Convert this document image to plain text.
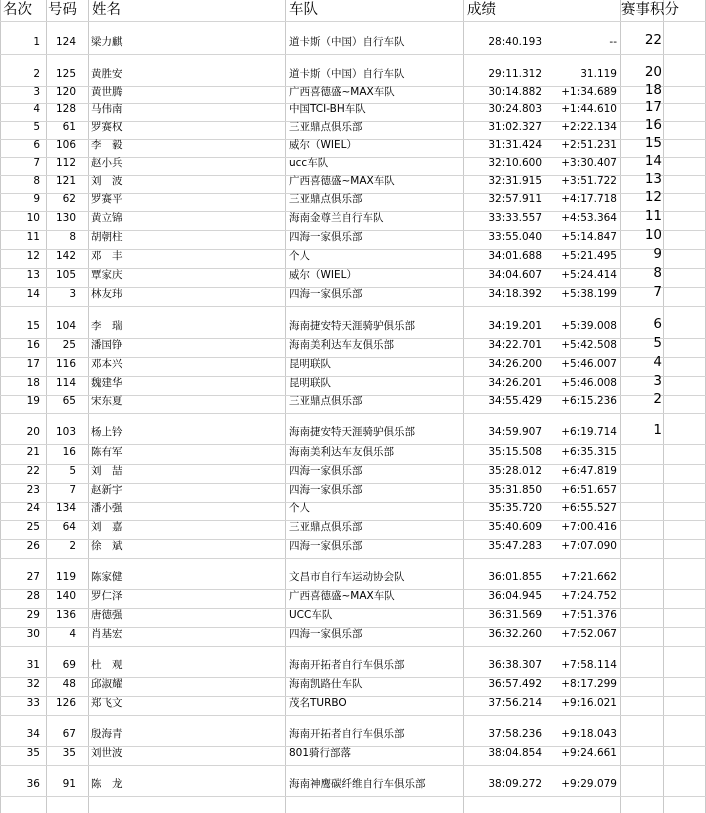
名次 号码 姓名	车队	成绩	赛事积分
1	124 梁力麒	道卡斯（中国）自行车队	28:40.193	--	22
2	125 黄胜安	道卡斯（中国）自行车队	29:11.312	31.119	20
3	120 黄世腾	广西喜德盛~MAX车队	30:14.882	+1:34.689	18
4	128 马伟南	中国TCI-BH车队	30:24.803	+1:44.610	17
5	61 罗赛权	三亚鼎点俱乐部	31:02.327	+2:22.134	16
6	106 李　毅	威尔（WIEL）	31:31.424	+2:51.231	15
7	112 赵小兵	ucc车队	32:10.600	+3:30.407	14
8	121 刘　波	广西喜德盛~MAX车队	32:31.915	+3:51.722	13
9	62 罗赛平	三亚鼎点俱乐部	32:57.911	+4:17.718	12
10	130 黄立锦	海南金尊兰自行车队	33:33.557	+4:53.364	11
11	8 胡朝柱	四海一家俱乐部	33:55.040	+5:14.847	10
12	142 邓　丰	个人	34:01.688	+5:21.495	9
13	105 覃家庆	威尔（WIEL）	34:04.607	+5:24.414	8
14	3 林友玮	四海一家俱乐部	34:18.392	+5:38.199	7
15	104 李　瑞	海南捷安特天涯骑驴俱乐部	34:19.201	+5:39.008	6
16	25 潘国铮	海南美利达车友俱乐部	34:22.701	+5:42.508	5
17	116 邓本兴	昆明联队	34:26.200	+5:46.007	4
18	114 魏建华	昆明联队	34:26.201	+5:46.008	3
19	65 宋东夏	三亚鼎点俱乐部	34:55.429	+6:15.236	2
20	103 杨上钤	海南捷安特天涯骑驴俱乐部	34:59.907	+6:19.714	1
21	16 陈有军	海南美利达车友俱乐部	35:15.508	+6:35.315
22	5 刘　喆	四海一家俱乐部	35:28.012	+6:47.819
23	7 赵新宇	四海一家俱乐部	35:31.850	+6:51.657
24	134 潘小强	个人	35:35.720	+6:55.527
25	64 刘　嘉	三亚鼎点俱乐部	35:40.609	+7:00.416
26	2 徐　斌	四海一家俱乐部	35:47.283	+7:07.090
27	119 陈家健	文昌市自行车运动协会队	36:01.855	+7:21.662
28	140 罗仁泽	广西喜德盛~MAX车队	36:04.945	+7:24.752
29	136 唐德强	UCC车队	36:31.569	+7:51.376
30	4 肖基宏	四海一家俱乐部	36:32.260	+7:52.067
31	69 杜　观	海南开拓者自行车俱乐部	36:38.307	+7:58.114
32	48 邱淑耀	海南凯路仕车队	36:57.492	+8:17.299
33	126 郑飞文	茂名TURBO	37:56.214	+9:16.021
34	67 殷海青	海南开拓者自行车俱乐部	37:58.236	+9:18.043
35	35 刘世波	801骑行部落	38:04.854	+9:24.661
36	91 陈　龙	海南神鹰碳纤维自行车俱乐部	38:09.272	+9:29.079
